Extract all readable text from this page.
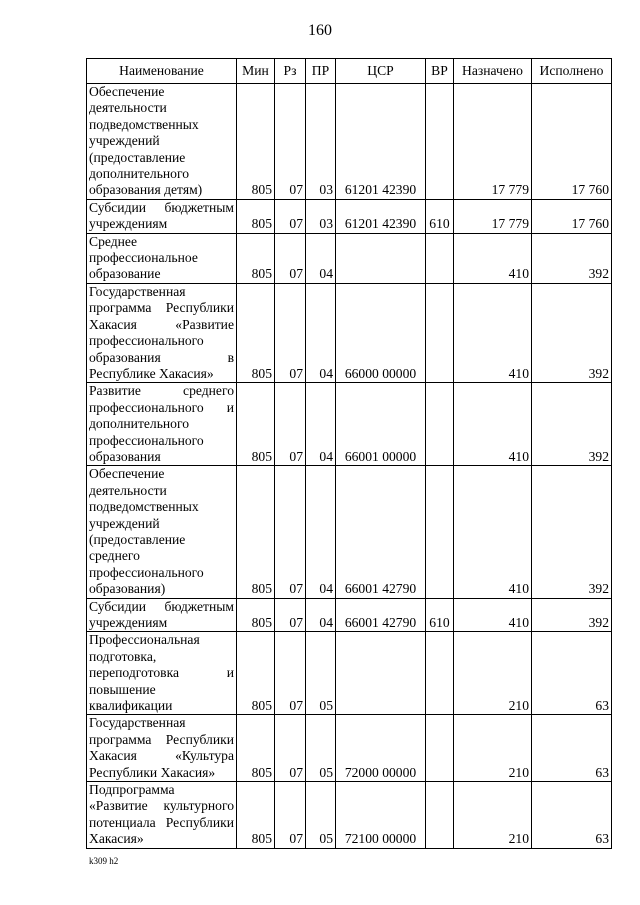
160
Наименование	Мин	Рз	ПР	ЦСР	ВР	Назначено	Исполнено
Обеспечение деятельности подведомственных учреждений (предоставление дополнительного образования детям)	805	07	03	61201 42390		17 779	17 760
Субсидии бюджетным учреждениям	805	07	03	61201 42390	610	17 779	17 760
Среднее профессиональное образование	805	07	04			410	392
Государственная программа Республики Хакасия «Развитие профессионального образования в Республике Хакасия»	805	07	04	66000 00000		410	392
Развитие среднего профессионального и дополнительного профессионального образования	805	07	04	66001 00000		410	392
Обеспечение деятельности подведомственных учреждений (предоставление среднего профессионального образования)	805	07	04	66001 42790		410	392
Субсидии бюджетным учреждениям	805	07	04	66001 42790	610	410	392
Профессиональная подготовка, переподготовка и повышение квалификации	805	07	05			210	63
Государственная программа Республики Хакасия «Культура Республики Хакасия»	805	07	05	72000 00000		210	63
Подпрограмма «Развитие культурного потенциала Республики Хакасия»	805	07	05	72100 00000		210	63
k309 h2
